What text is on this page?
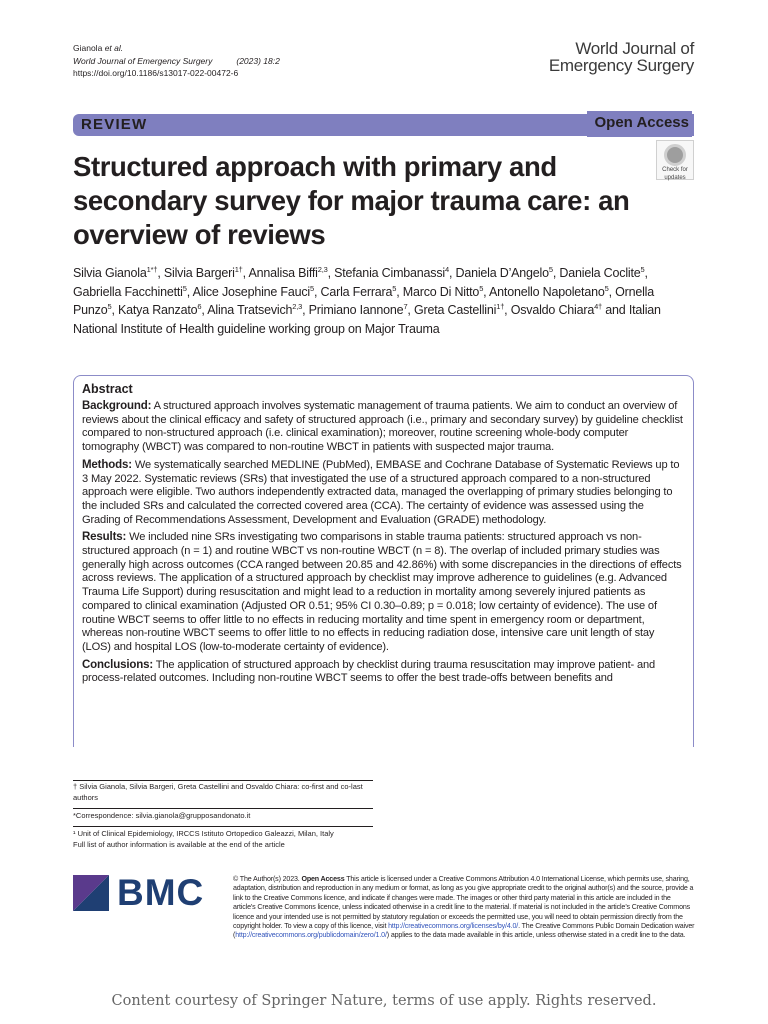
Gianola et al.
World Journal of Emergency Surgery	(2023) 18:2
https://doi.org/10.1186/s13017-022-00472-6
World Journal of
Emergency Surgery
REVIEW	Open Access
Check for
updates
Structured approach with primary and secondary survey for major trauma care: an overview of reviews
Silvia Gianola$^{1*\dagger}$, Silvia Bargeri$^{1\dagger}$, Annalisa Biffi$^{2,3}$, Stefania Cimbanassi$^4$, Daniela D’Angelo$^5$, Daniela Coclite$^5$, Gabriella Facchinetti$^5$, Alice Josephine Fauci$^5$, Carla Ferrara$^5$, Marco Di Nitto$^5$, Antonello Napoletano$^5$, Ornella Punzo$^5$, Katya Ranzato$^6$, Alina Tratsevich$^{2,3}$, Primiano Iannone$^7$, Greta Castellini$^{1\dagger}$, Osvaldo Chiara$^{4\dagger}$ and Italian National Institute of Health guideline working group on Major Trauma
Abstract

Background: A structured approach involves systematic management of trauma patients. We aim to conduct an overview of reviews about the clinical efficacy and safety of structured approach (i.e., primary and secondary survey) by guideline checklist compared to non-structured approach (i.e. clinical examination); moreover, routine screening whole-body computer tomography (WBCT) was compared to non-routine WBCT in patients with suspected major trauma.

Methods: We systematically searched MEDLINE (PubMed), EMBASE and Cochrane Database of Systematic Reviews up to 3 May 2022. Systematic reviews (SRs) that investigated the use of a structured approach compared to a non-structured approach were eligible. Two authors independently extracted data, managed the overlapping of primary studies belonging to the included SRs and calculated the corrected covered area (CCA). The certainty of evidence was assessed using the Grading of Recommendations Assessment, Development and Evaluation (GRADE) methodology.

Results: We included nine SRs investigating two comparisons in stable trauma patients: structured approach vs non-structured approach (n = 1) and routine WBCT vs non-routine WBCT (n = 8). The overlap of included primary studies was generally high across outcomes (CCA ranged between 20.85 and 42.86%) with some discrepancies in the directions of effects across reviews. The application of a structured approach by checklist may improve adherence to guidelines (e.g. Advanced Trauma Life Support) during resuscitation and might lead to a reduction in mortality among severely injured patients as compared to clinical examination (Adjusted OR 0.51; 95% CI 0.30–0.89; p = 0.018; low certainty of evidence). The use of routine WBCT seems to offer little to no effects in reducing mortality and time spent in emergency room or department, whereas non-routine WBCT seems to offer little to no effects in reducing radiation dose, intensive care unit length of stay (LOS) and hospital LOS (low-to-moderate certainty of evidence).

Conclusions: The application of structured approach by checklist during trauma resuscitation may improve patient- and process-related outcomes. Including non-routine WBCT seems to offer the best trade-offs between benefits and

† Silvia Gianola, Silvia Bargeri, Greta Castellini and Osvaldo Chiara: co-first and co-last authors
*Correspondence: silvia.gianola@grupposandonato.it
¹ Unit of Clinical Epidemiology, IRCCS Istituto Ortopedico Galeazzi, Milan, Italy
Full list of author information is available at the end of the article
BMC	© The Author(s) 2023. Open Access This article is licensed under a Creative Commons Attribution 4.0 International License, which permits use, sharing, adaptation, distribution and reproduction in any medium or format, as long as you give appropriate credit to the original author(s) and the source, provide a link to the Creative Commons licence, and indicate if changes were made. The images or other third party material in this article are included in the article’s Creative Commons licence, unless indicated otherwise in a credit line to the material. If material is not included in the article’s Creative Commons licence and your intended use is not permitted by statutory regulation or exceeds the permitted use, you will need to obtain permission directly from the copyright holder. To view a copy of this licence, visit http://creativecommons.org/licenses/by/4.0/. The Creative Commons Public Domain Dedication waiver (http://creativecommons.org/publicdomain/zero/1.0/) applies to the data made available in this article, unless otherwise stated in a credit line to the data.
Content courtesy of Springer Nature, terms of use apply. Rights reserved.
